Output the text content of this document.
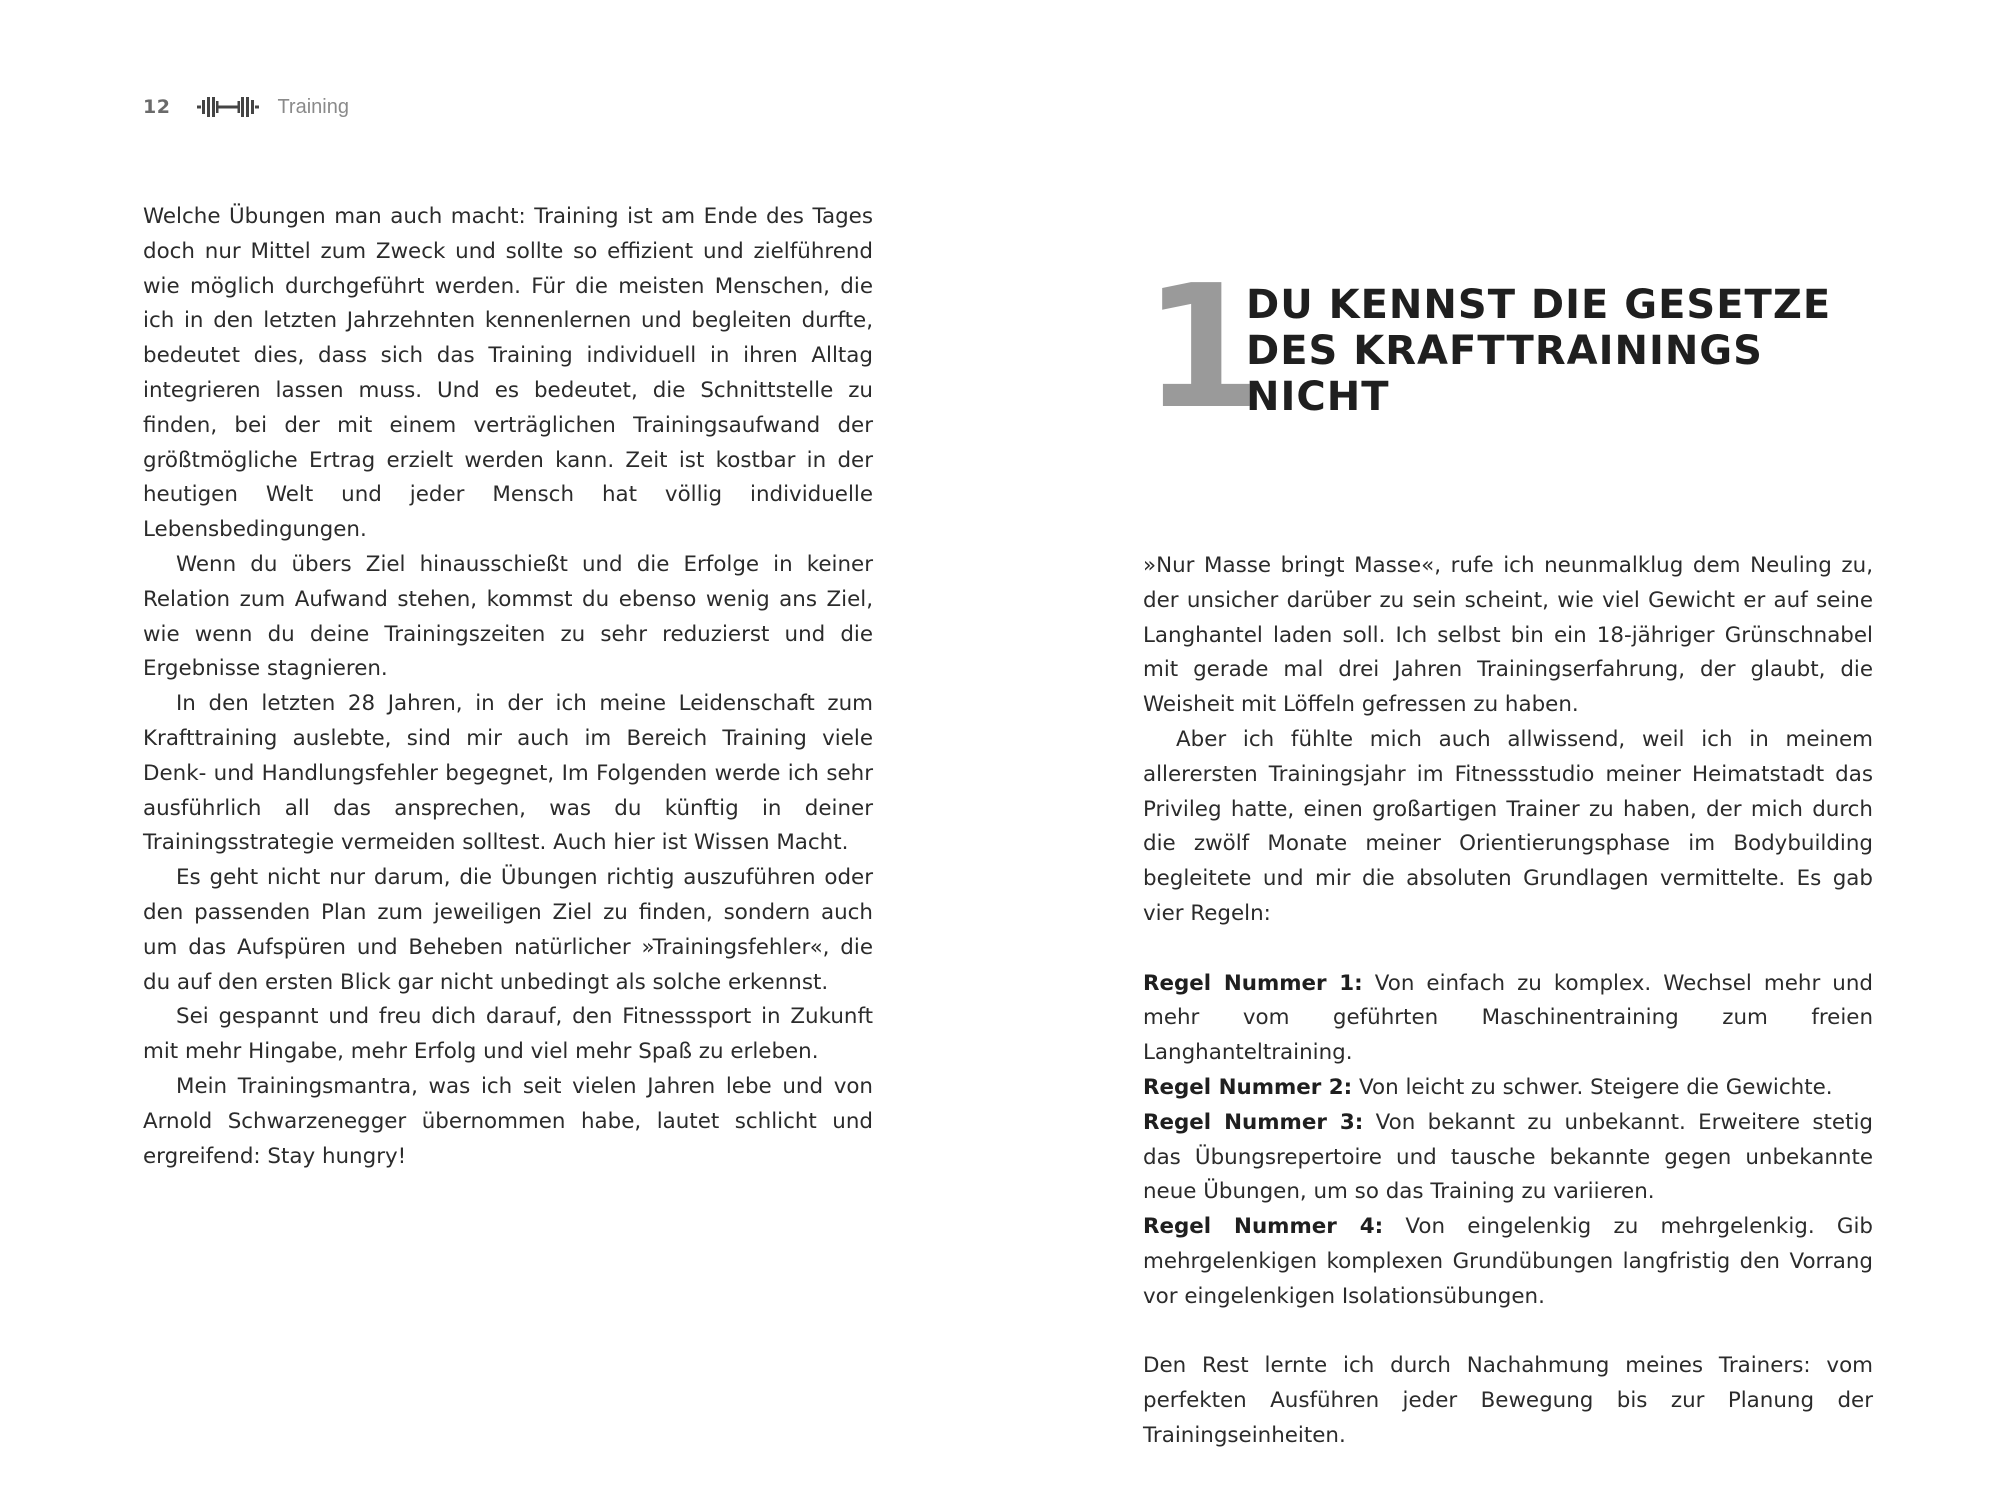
12	Training

Welche Übungen man auch macht: Training ist am Ende des Tages doch nur Mittel zum Zweck und sollte so effizient und zielführend wie möglich durchgeführt werden. Für die meisten Menschen, die ich in den letzten Jahrzehnten kennenlernen und begleiten durfte, bedeutet dies, dass sich das Training individuell in ihren Alltag integrieren lassen muss. Und es bedeutet, die Schnittstelle zu finden, bei der mit einem verträglichen Trainingsaufwand der größtmögliche Ertrag erzielt werden kann. Zeit ist kostbar in der heutigen Welt und jeder Mensch hat völlig individuelle Lebensbedingungen.

Wenn du übers Ziel hinausschießt und die Erfolge in keiner Relation zum Aufwand stehen, kommst du ebenso wenig ans Ziel, wie wenn du deine Trainingszeiten zu sehr reduzierst und die Ergebnisse stagnieren.

In den letzten 28 Jahren, in der ich meine Leidenschaft zum Krafttraining auslebte, sind mir auch im Bereich Training viele Denk- und Handlungsfehler begegnet, Im Folgenden werde ich sehr ausführlich all das ansprechen, was du künftig in deiner Trainingsstrategie vermeiden solltest. Auch hier ist Wissen Macht.

Es geht nicht nur darum, die Übungen richtig auszuführen oder den passenden Plan zum jeweiligen Ziel zu finden, sondern auch um das Aufspüren und Beheben natürlicher »Trainingsfehler«, die du auf den ersten Blick gar nicht unbedingt als solche erkennst.

Sei gespannt und freu dich darauf, den Fitnesssport in Zukunft mit mehr Hingabe, mehr Erfolg und viel mehr Spaß zu erleben.

Mein Trainingsmantra, was ich seit vielen Jahren lebe und von Arnold Schwarzenegger übernommen habe, lautet schlicht und ergreifend: Stay hungry!

1
DU KENNST DIE GESETZE
DES KRAFTTRAININGS
NICHT

»Nur Masse bringt Masse«, rufe ich neunmalklug dem Neuling zu, der unsicher darüber zu sein scheint, wie viel Gewicht er auf seine Langhantel laden soll. Ich selbst bin ein 18-jähriger Grünschnabel mit gerade mal drei Jahren Trainingserfahrung, der glaubt, die Weisheit mit Löffeln gefressen zu haben.

Aber ich fühlte mich auch allwissend, weil ich in meinem allerersten Trainingsjahr im Fitnessstudio meiner Heimatstadt das Privileg hatte, einen großartigen Trainer zu haben, der mich durch die zwölf Monate meiner Orientierungsphase im Bodybuilding begleitete und mir die absoluten Grundlagen vermittelte. Es gab vier Regeln:

Regel Nummer 1: Von einfach zu komplex. Wechsel mehr und mehr vom geführten Maschinentraining zum freien Langhanteltraining.

Regel Nummer 2: Von leicht zu schwer. Steigere die Gewichte.

Regel Nummer 3: Von bekannt zu unbekannt. Erweitere stetig das Übungsrepertoire und tausche bekannte gegen unbekannte neue Übungen, um so das Training zu variieren.

Regel Nummer 4: Von eingelenkig zu mehrgelenkig. Gib mehrgelenkigen komplexen Grundübungen langfristig den Vorrang vor eingelenkigen Isolationsübungen.

Den Rest lernte ich durch Nachahmung meines Trainers: vom perfekten Ausführen jeder Bewegung bis zur Planung der Trainingseinheiten.
